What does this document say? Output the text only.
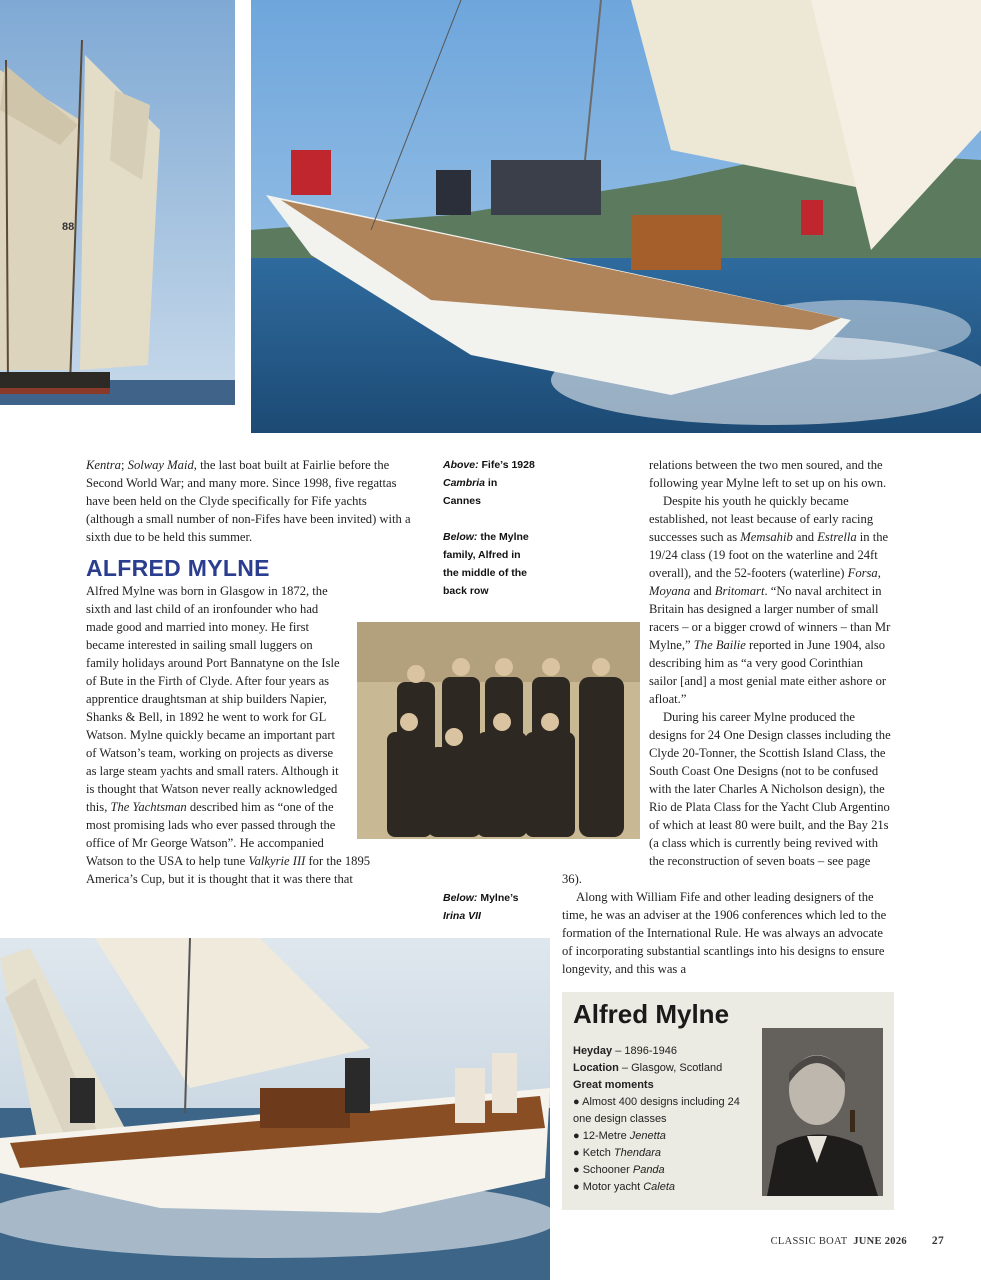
88

Kentra; Solway Maid, the last boat built at Fairlie before the Second World War; and many more. Since 1998, five regattas have been held on the Clyde specifically for Fife yachts (although a small number of non-Fifes have been invited) with a sixth due to be held this summer.

ALFRED MYLNE

Alfred Mylne was born in Glasgow in 1872, the sixth and last child of an ironfounder who had made good and married into money. He first became interested in sailing small luggers on family holidays around Port Bannatyne on the Isle of Bute in the Firth of Clyde. After four years as apprentice draughtsman at ship builders Napier, Shanks & Bell, in 1892 he went to work for GL Watson. Mylne quickly became an important part of Watson’s team, working on projects as diverse as large steam yachts and small raters. Although it is thought that Watson never really acknowledged this, The Yachtsman described him as “one of the most promising lads who ever passed through the office of Mr George Watson”. He accompanied Watson to the USA to help tune Valkyrie III for the 1895 America’s Cup, but it is thought that it was there that

Above: Fife’s 1928 Cambria in Cannes
Below: the Mylne family, Alfred in the middle of the back row
Below: Mylne’s Irina VII

relations between the two men soured, and the following year Mylne left to set up on his own.

Despite his youth he quickly became established, not least because of early racing successes such as Memsahib and Estrella in the 19/24 class (19 foot on the waterline and 24ft overall), and the 52-footers (waterline) Forsa, Moyana and Britomart. “No naval architect in Britain has designed a larger number of small racers – or a bigger crowd of winners – than Mr Mylne,” The Bailie reported in June 1904, also describing him as “a very good Corinthian sailor [and] a most genial mate either ashore or afloat.”

During his career Mylne produced the designs for 24 One Design classes including the Clyde 20-Tonner, the Scottish Island Class, the South Coast One Designs (not to be confused with the later Charles A Nicholson design), the Rio de Plata Class for the Yacht Club Argentino of which at least 80 were built, and the Bay 21s (a class which is currently being revived with the reconstruction of seven boats – see page 36).

Along with William Fife and other leading designers of the time, he was an adviser at the 1906 conferences which led to the formation of the International Rule. He was always an advocate of incorporating substantial scantlings into his designs to ensure longevity, and this was a

Alfred Mylne
Heyday – 1896-1946
Location – Glasgow, Scotland
Great moments
● Almost 400 designs including 24 one design classes
● 12-Metre Jenetta
● Ketch Thendara
● Schooner Panda
● Motor yacht Caleta
CLASSIC BOAT JUNE 2026 27
